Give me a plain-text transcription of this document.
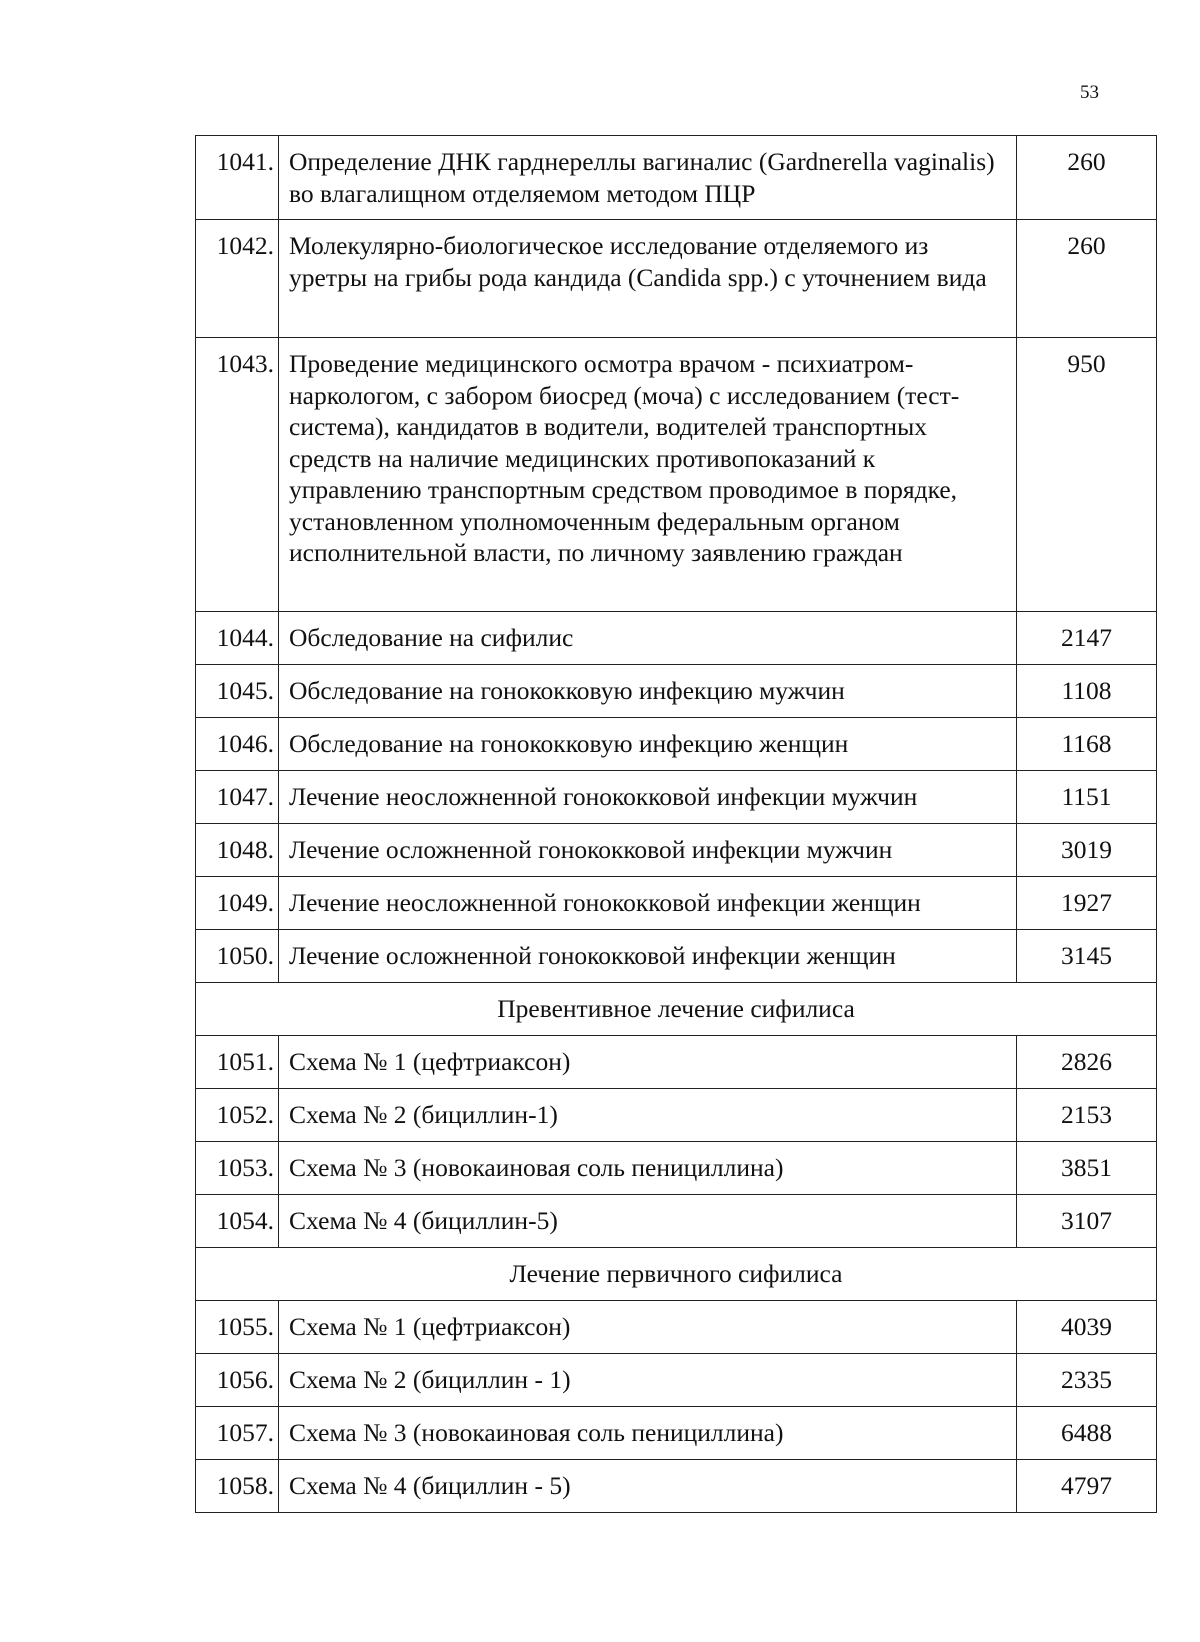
53
1041.	Определение ДНК гарднереллы вагиналис (Gardnerella vaginalis) во влагалищном отделяемом методом ПЦР	260
1042.	Молекулярно-биологическое исследование отделяемого из уретры на грибы рода кандида (Candida spp.) с уточнением вида	260
1043.	Проведение медицинского осмотра врачом - психиатром-наркологом, с забором биосред (моча) с исследованием (тест-система), кандидатов в водители, водителей транспортных средств на наличие медицинских противопоказаний к управлению транспортным средством проводимое в порядке, установленном уполномоченным федеральным органом исполнительной власти, по личному заявлению граждан	950
1044.	Обследование на сифилис	2147
1045.	Обследование на гонококковую инфекцию мужчин	1108
1046.	Обследование на гонококковую инфекцию женщин	1168
1047.	Лечение неосложненной гонококковой инфекции мужчин	1151
1048.	Лечение осложненной гонококковой инфекции мужчин	3019
1049.	Лечение неосложненной гонококковой инфекции женщин	1927
1050.	Лечение осложненной гонококковой инфекции женщин	3145
Превентивное лечение сифилиса		
1051.	Схема № 1 (цефтриаксон)	2826
1052.	Схема № 2 (бициллин-1)	2153
1053.	Схема № 3 (новокаиновая соль пенициллина)	3851
1054.	Схема № 4 (бициллин-5)	3107
Лечение первичного сифилиса		
1055.	Схема № 1 (цефтриаксон)	4039
1056.	Схема № 2 (бициллин - 1)	2335
1057.	Схема № 3 (новокаиновая соль пенициллина)	6488
1058.	Схема № 4 (бициллин - 5)	4797
